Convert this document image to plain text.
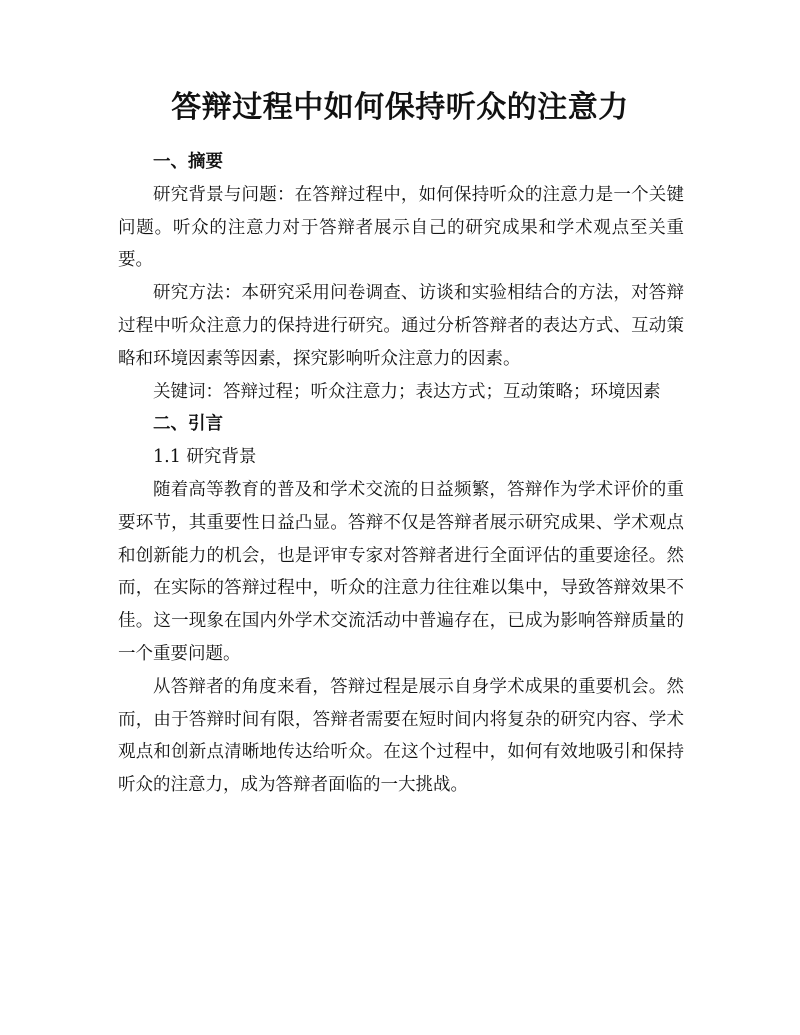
答辩过程中如何保持听众的注意力
一、摘要

研究背景与问题：在答辩过程中，如何保持听众的注意力是一个关键问题。听众的注意力对于答辩者展示自己的研究成果和学术观点至关重要。

研究方法：本研究采用问卷调查、访谈和实验相结合的方法，对答辩过程中听众注意力的保持进行研究。通过分析答辩者的表达方式、互动策略和环境因素等因素，探究影响听众注意力的因素。

关键词：答辩过程；听众注意力；表达方式；互动策略；环境因素

二、引言
1.1 研究背景

随着高等教育的普及和学术交流的日益频繁，答辩作为学术评价的重要环节，其重要性日益凸显。答辩不仅是答辩者展示研究成果、学术观点和创新能力的机会，也是评审专家对答辩者进行全面评估的重要途径。然而，在实际的答辩过程中，听众的注意力往往难以集中，导致答辩效果不佳。这一现象在国内外学术交流活动中普遍存在，已成为影响答辩质量的一个重要问题。

从答辩者的角度来看，答辩过程是展示自身学术成果的重要机会。然而，由于答辩时间有限，答辩者需要在短时间内将复杂的研究内容、学术观点和创新点清晰地传达给听众。在这个过程中，如何有效地吸引和保持听众的注意力，成为答辩者面临的一大挑战。
